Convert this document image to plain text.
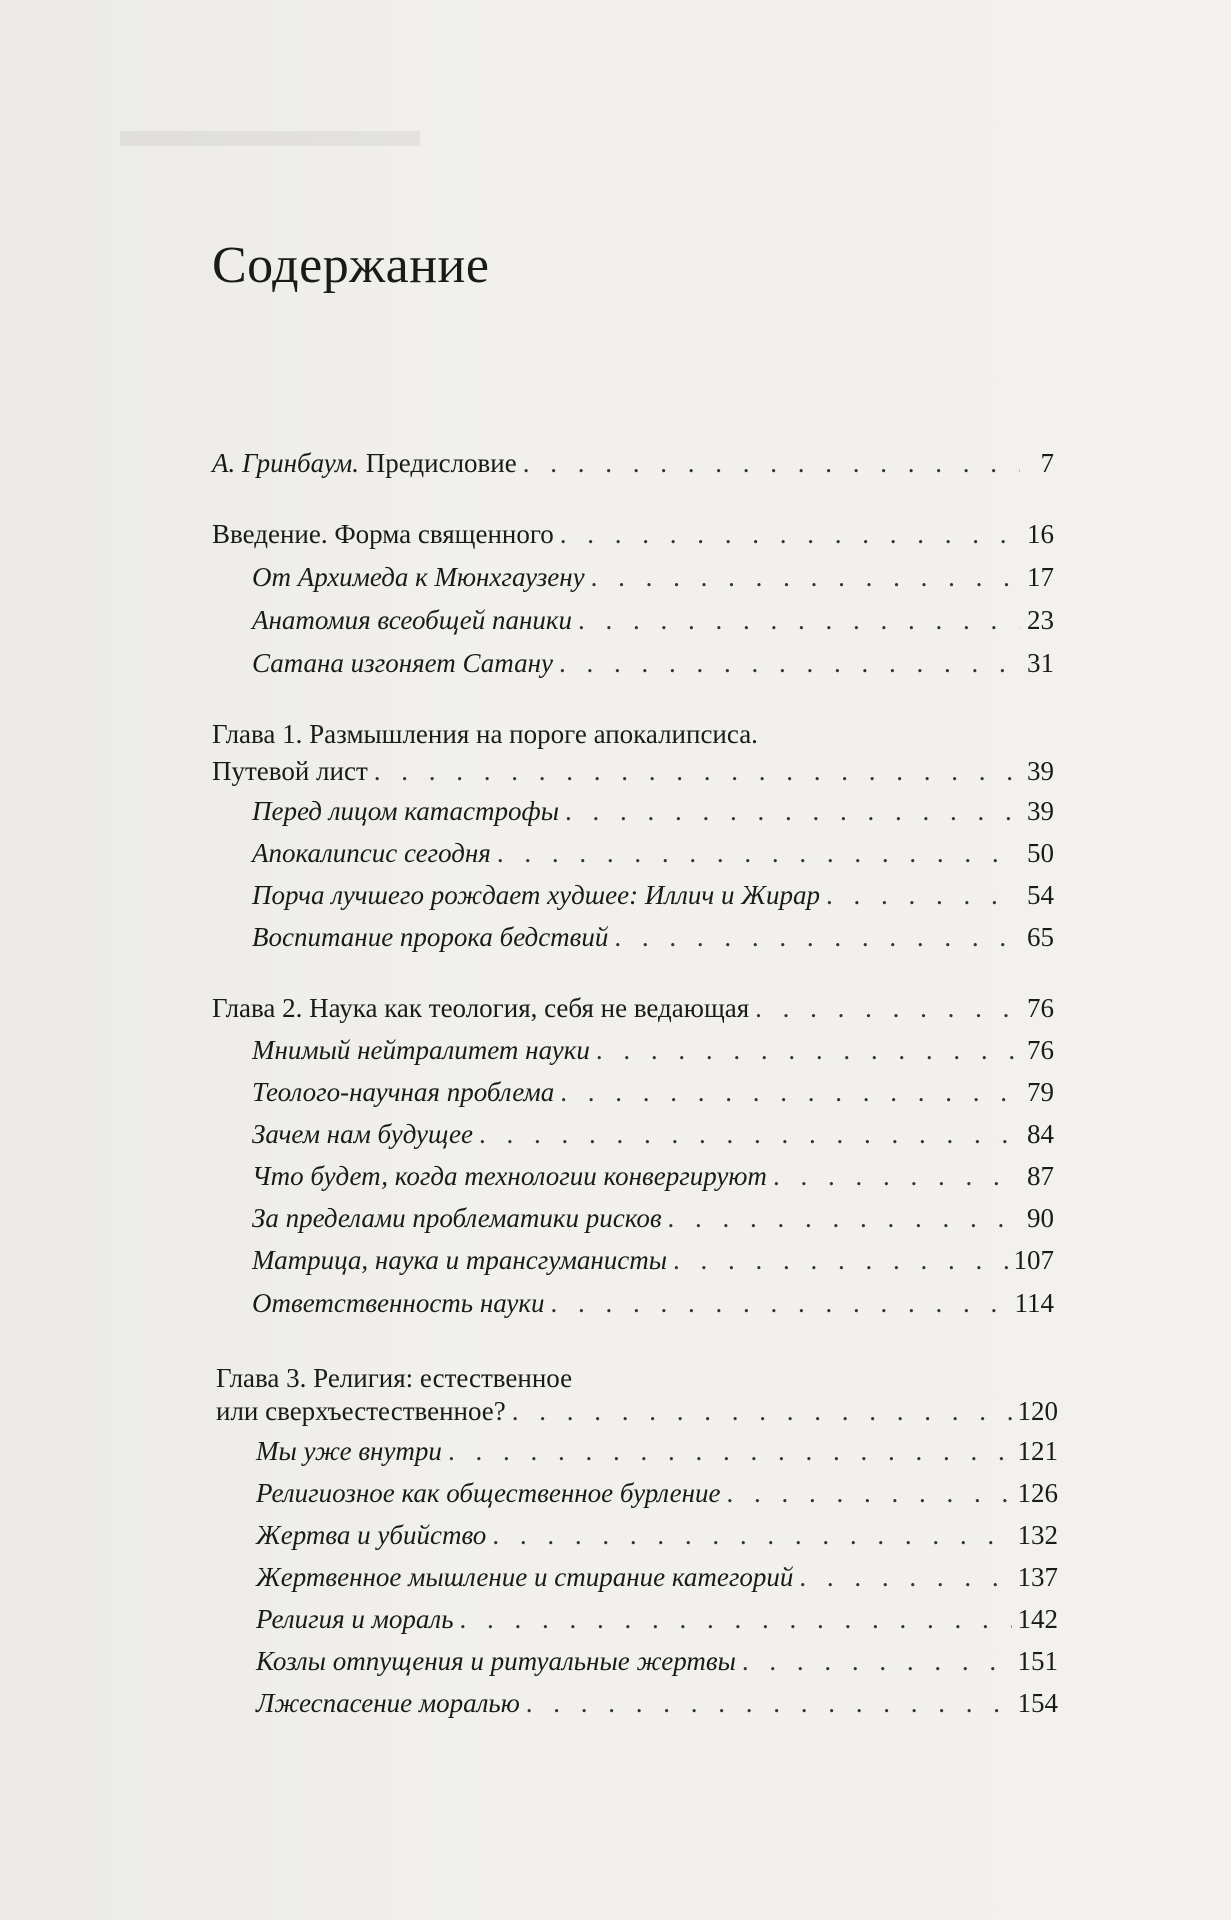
▬▬▬▬▬▬
Содержание
А. Гринбаум. Предисловие . . .	7
Введение. Форма священного . . .	16
От Архимеда к Мюнхгаузену . . .	17
Анатомия всеобщей паники . . .	23
Сатана изгоняет Сатану . . .	31
Глава 1. Размышления на пороге апокалипсиса.
Путевой лист . . .	39
Перед лицом катастрофы . . .	39
Апокалипсис сегодня . . .	50
Порча лучшего рождает худшее: Иллич и Жирар . . .	54
Воспитание пророка бедствий . . .	65
Глава 2. Наука как теология, себя не ведающая . . .	76
Мнимый нейтралитет науки . . .	76
Теолого-научная проблема . . .	79
Зачем нам будущее . . .	84
Что будет, когда технологии конвергируют . . .	87
За пределами проблематики рисков . . .	90
Матрица, наука и трансгуманисты . . .	107
Ответственность науки . . .	114
Глава 3. Религия: естественное
или сверхъестественное? . . .	120
Мы уже внутри . . .	121
Религиозное как общественное бурление . . .	126
Жертва и убийство . . .	132
Жертвенное мышление и стирание категорий . . .	137
Религия и мораль . . .	142
Козлы отпущения и ритуальные жертвы . . .	151
Лжеспасение моралью . . .	154
